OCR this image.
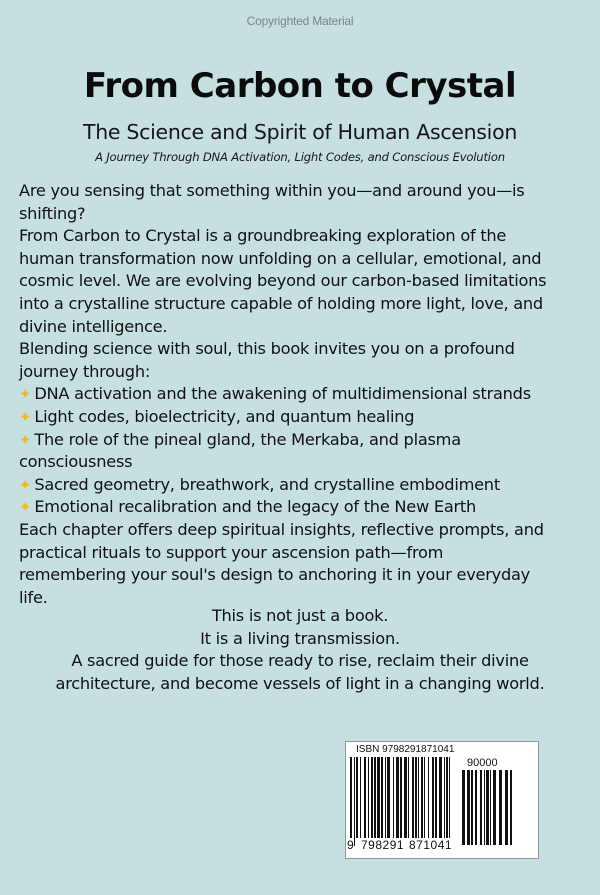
Copyrighted Material
From Carbon to Crystal
The Science and Spirit of Human Ascension
A Journey Through DNA Activation, Light Codes, and Conscious Evolution
Are you sensing that something within you—and around you—is
shifting?
From Carbon to Crystal is a groundbreaking exploration of the
human transformation now unfolding on a cellular, emotional, and
cosmic level. We are evolving beyond our carbon-based limitations
into a crystalline structure capable of holding more light, love, and
divine intelligence.
Blending science with soul, this book invites you on a profound
journey through:
✦ DNA activation and the awakening of multidimensional strands
✦ Light codes, bioelectricity, and quantum healing
✦ The role of the pineal gland, the Merkaba, and plasma
consciousness
✦ Sacred geometry, breathwork, and crystalline embodiment
✦ Emotional recalibration and the legacy of the New Earth
Each chapter offers deep spiritual insights, reflective prompts, and
practical rituals to support your ascension path—from
remembering your soul's design to anchoring it in your everyday
life.
This is not just a book.
It is a living transmission.
A sacred guide for those ready to rise, reclaim their divine
architecture, and become vessels of light in a changing world.
ISBN 9798291871041
90000
9 798291 871041
